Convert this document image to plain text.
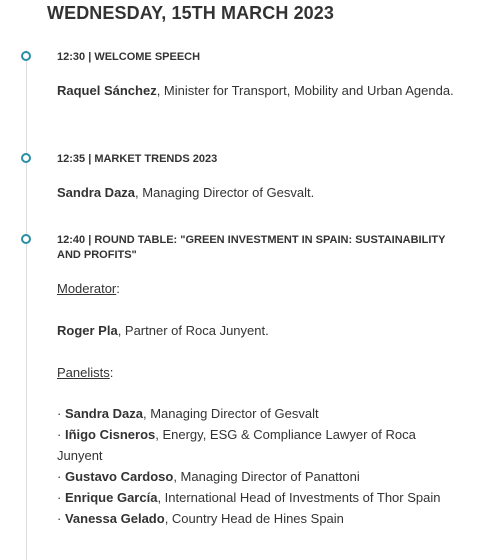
WEDNESDAY, 15TH MARCH 2023
12:30 | WELCOME SPEECH
Raquel Sánchez, Minister for Transport, Mobility and Urban Agenda.
12:35 | MARKET TRENDS 2023
Sandra Daza, Managing Director of Gesvalt.
12:40 | ROUND TABLE: "GREEN INVESTMENT IN SPAIN: SUSTAINABILITY AND PROFITS"
Moderator:
Roger Pla, Partner of Roca Junyent.
Panelists:
· Sandra Daza, Managing Director of Gesvalt
· Iñigo Cisneros, Energy, ESG & Compliance Lawyer of Roca Junyent
· Gustavo Cardoso, Managing Director of Panattoni
· Enrique García, International Head of Investments of Thor Spain
· Vanessa Gelado, Country Head de Hines Spain
